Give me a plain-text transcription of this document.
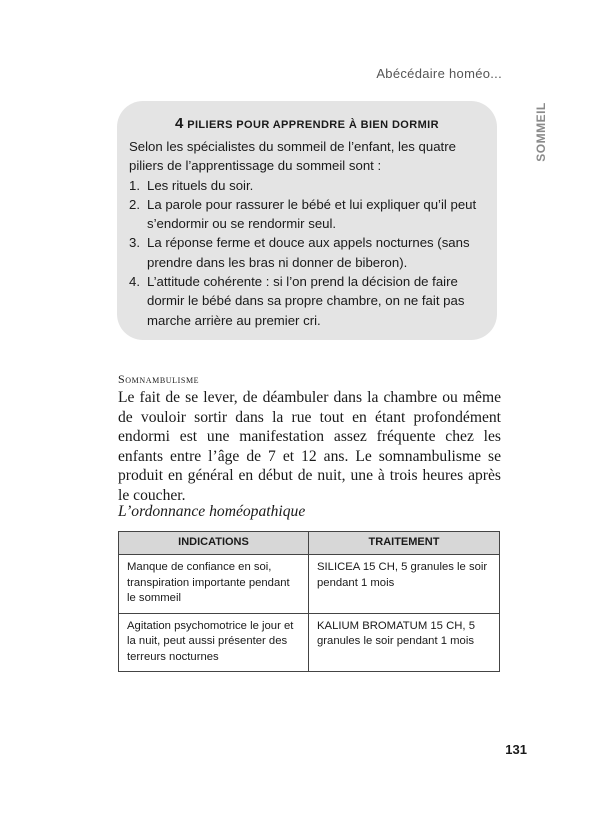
Abécédaire homéo...
SOMMEIL
4 PILIERS POUR APPRENDRE À BIEN DORMIR

Selon les spécialistes du sommeil de l’enfant, les quatre piliers de l’apprentissage du sommeil sont :

1. Les rituels du soir.
2. La parole pour rassurer le bébé et lui expliquer qu’il peut s’endormir ou se rendormir seul.
3. La réponse ferme et douce aux appels nocturnes (sans prendre dans les bras ni donner de biberon).
4. L’attitude cohérente : si l’on prend la décision de faire dormir le bébé dans sa propre chambre, on ne fait pas marche arrière au premier cri.
Somnambulisme

Le fait de se lever, de déambuler dans la chambre ou même de vouloir sortir dans la rue tout en étant profondément endormi est une manifestation assez fréquente chez les enfants entre l’âge de 7 et 12 ans. Le somnambulisme se produit en général en début de nuit, une à trois heures après le coucher.

L’ordonnance homéopathique
INDICATIONS	TRAITEMENT
Manque de confiance en soi, transpiration importante pendant le sommeil	SILICEA 15 CH, 5 granules le soir pendant 1 mois
Agitation psychomotrice le jour et la nuit, peut aussi présenter des terreurs nocturnes	KALIUM BROMATUM 15 CH, 5 granules le soir pendant 1 mois
131
